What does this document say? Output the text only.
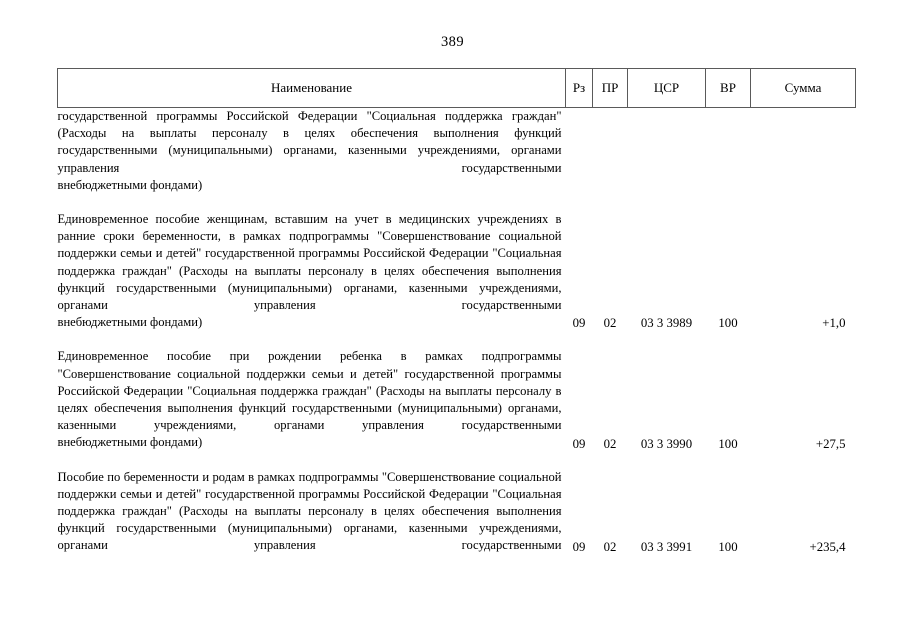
389
Наименование	Рз	ПР	ЦСР	ВР	Сумма

государственной программы Российской Федерации "Социальная поддержка граждан" (Расходы на выплаты персоналу в целях обеспечения выполнения функций государственными (муниципальными) органами, казенными учреждениями, органами управления государственными
внебюджетными фондами)					

Единовременное пособие женщинам, вставшим на учет в медицинских учреждениях в ранние сроки беременности, в рамках подпрограммы "Совершенствование социальной поддержки семьи и детей" государственной программы Российской Федерации "Социальная поддержка граждан" (Расходы на выплаты персоналу в целях обеспечения выполнения функций государственными (муниципальными) органами, казенными учреждениями, органами управления государственными
внебюджетными фондами)	09	02	03 3 3989	100	+1,0

Единовременное пособие при рождении ребенка в рамках подпрограммы "Совершенствование социальной поддержки семьи и детей" государственной программы Российской Федерации "Социальная поддержка граждан" (Расходы на выплаты персоналу в целях обеспечения выполнения функций государственными (муниципальными) органами, казенными учреждениями, органами управления государственными
внебюджетными фондами)	09	02	03 3 3990	100	+27,5

Пособие по беременности и родам в рамках подпрограммы "Совершенствование социальной поддержки семьи и детей" государственной программы Российской Федерации "Социальная поддержка граждан" (Расходы на выплаты персоналу в целях обеспечения выполнения функций государственными (муниципальными) органами, казенными учреждениями, органами управления государственными	09	02	03 3 3991	100	+235,4
